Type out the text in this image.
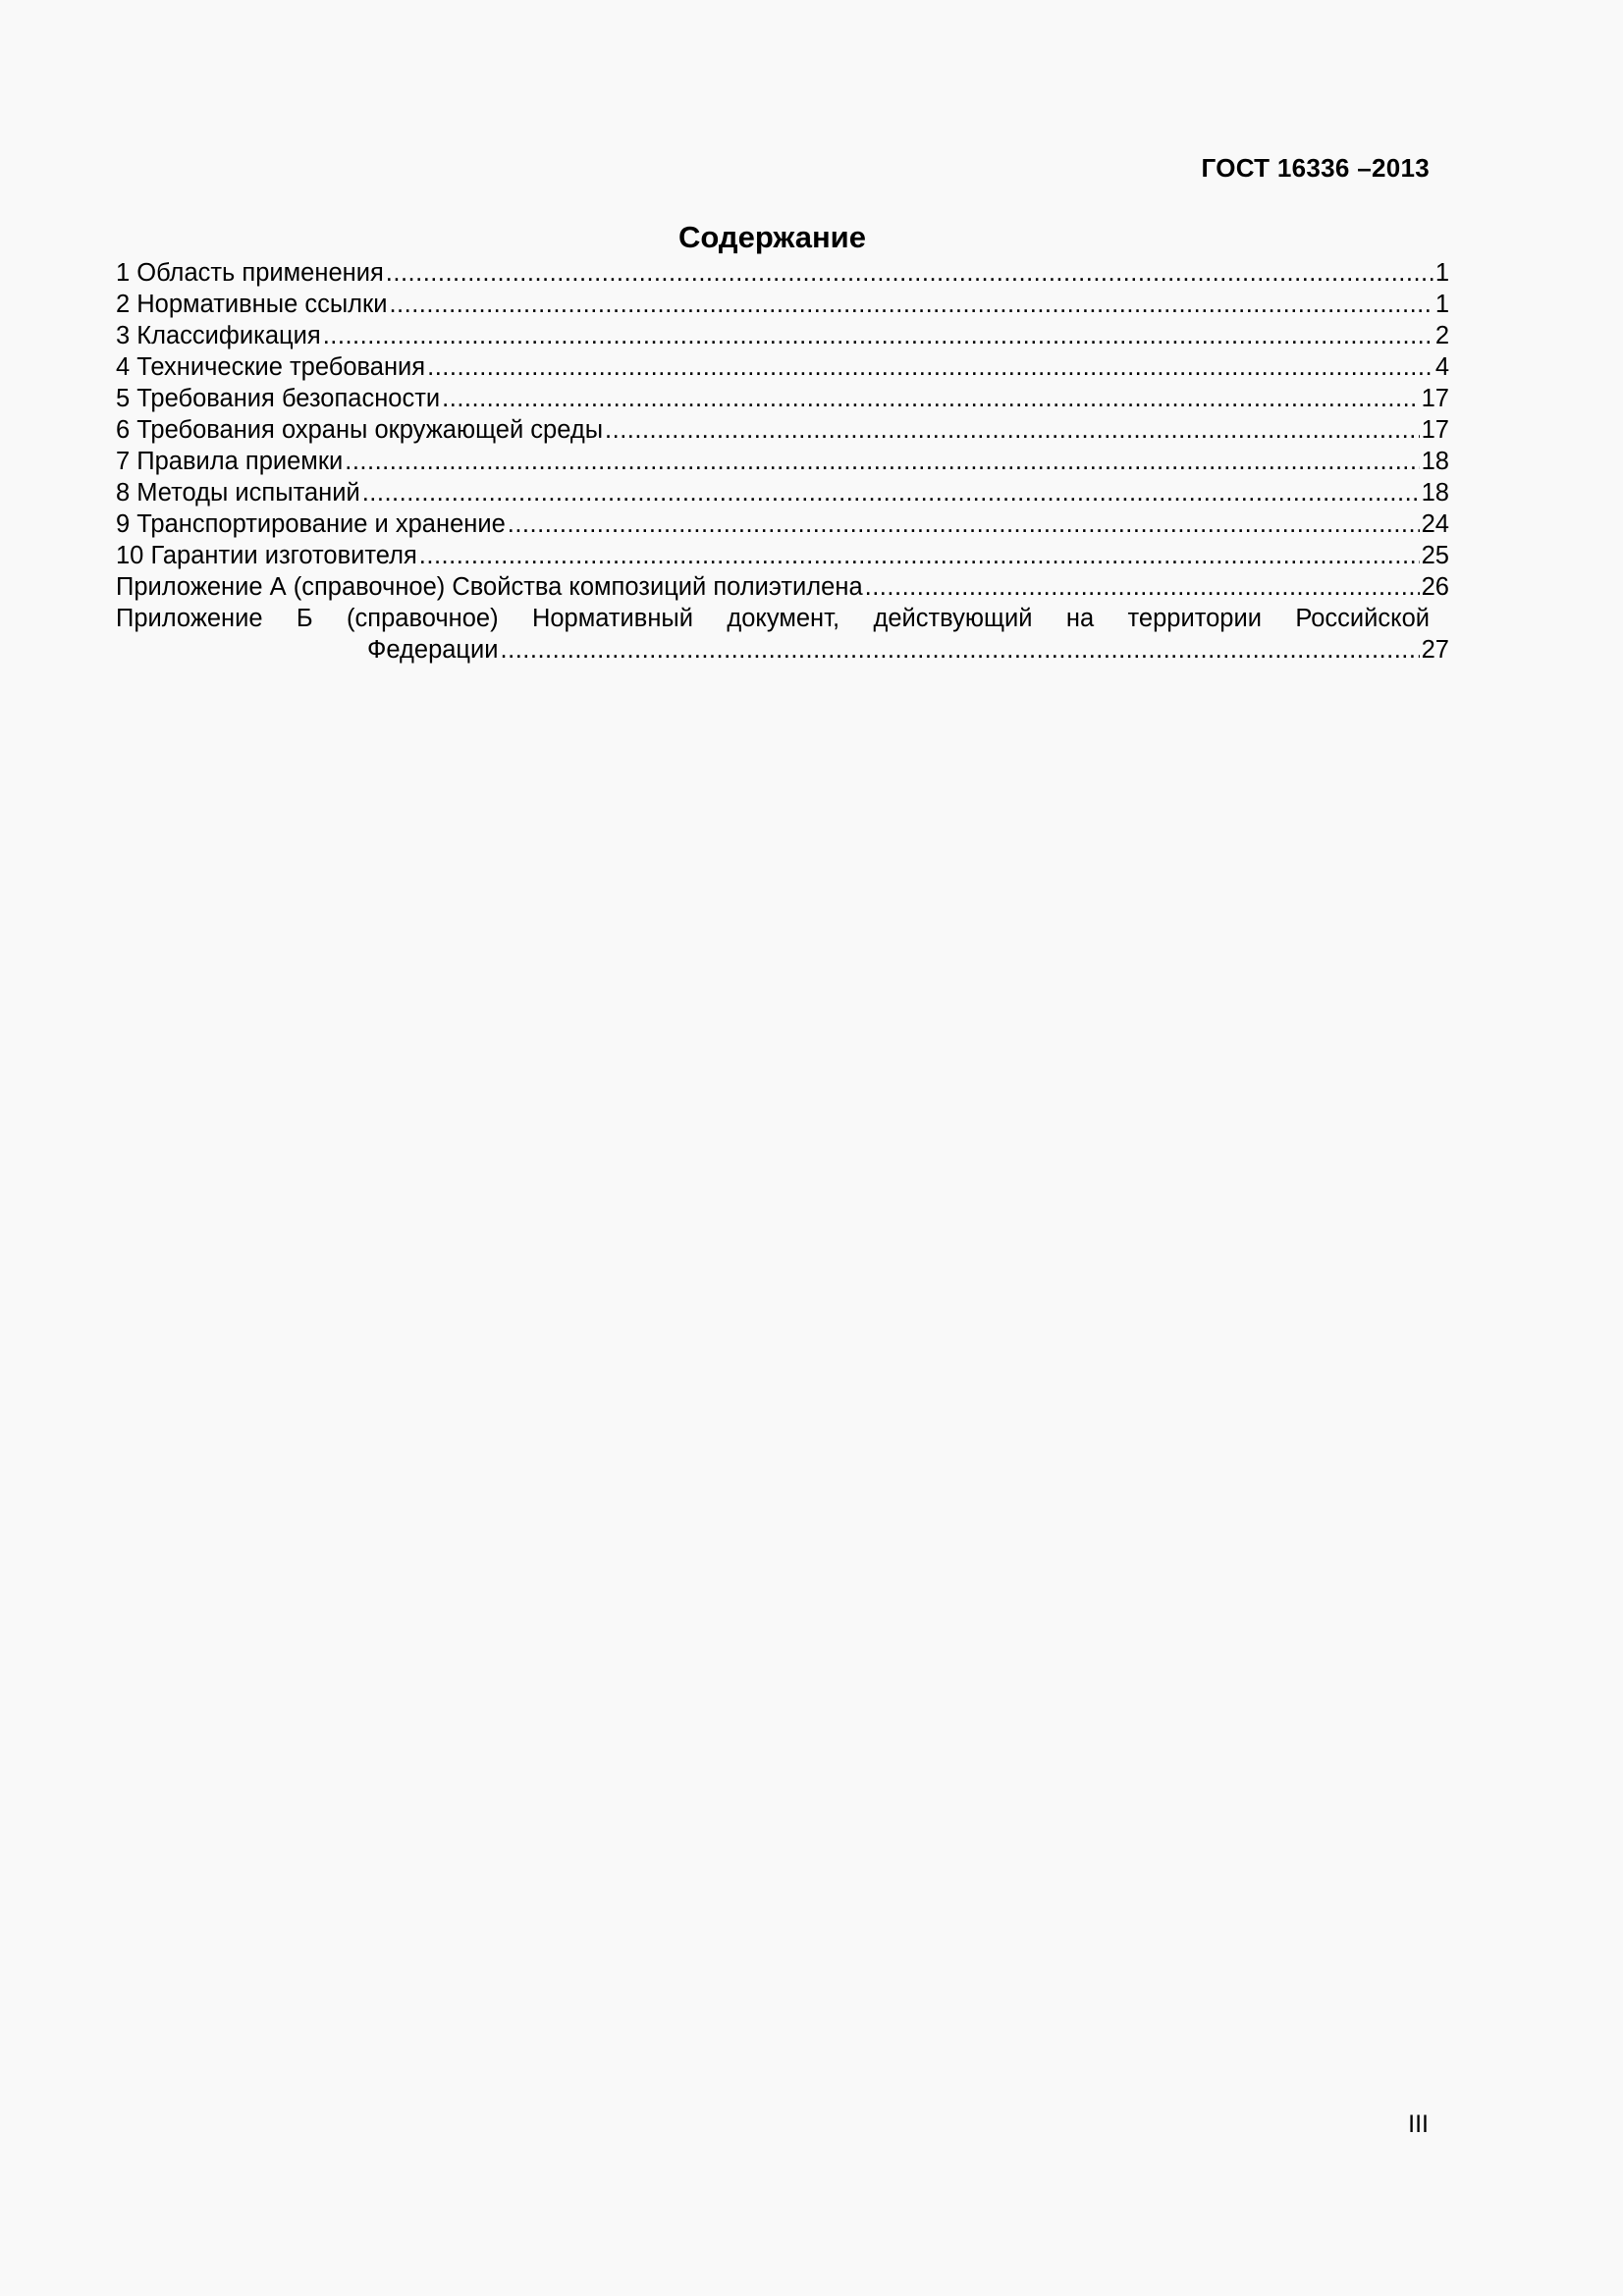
ГОСТ 16336 –2013
Содержание
1 Область применения .....	1
2 Нормативные ссылки .....	1
3 Классификация .....	2
4 Технические требования .....	4
5 Требования безопасности .....	17
6 Требования охраны окружающей среды .....	17
7 Правила приемки .....	18
8 Методы испытаний .....	18
9 Транспортирование и хранение .....	24
10 Гарантии изготовителя .....	25
Приложение А (справочное) Свойства композиций полиэтилена .....	26
Приложение Б (справочное) Нормативный документ, действующий на территории Российской
Федерации .....	27
III
